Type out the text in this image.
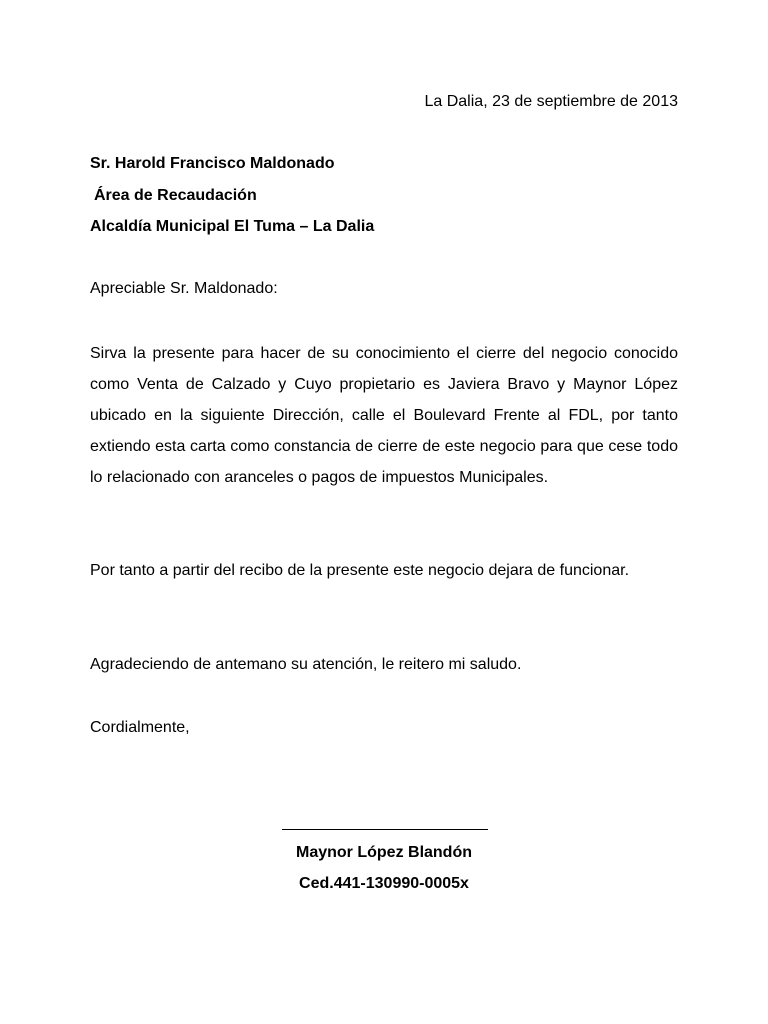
La Dalia, 23 de septiembre de 2013
Sr. Harold Francisco Maldonado
Área de Recaudación
Alcaldía Municipal El Tuma – La Dalia
Apreciable Sr. Maldonado:
Sirva la presente para hacer de su conocimiento el cierre del negocio conocido como Venta de Calzado y Cuyo propietario es Javiera Bravo y Maynor López ubicado en la siguiente Dirección, calle el Boulevard Frente al FDL, por tanto extiendo esta carta como constancia de cierre de este negocio para que cese todo lo relacionado con aranceles o pagos de impuestos Municipales.
Por tanto a partir del recibo de la presente este negocio dejara de funcionar.
Agradeciendo de antemano su atención, le reitero mi saludo.
Cordialmente,
Maynor López Blandón
Ced.441-130990-0005x
